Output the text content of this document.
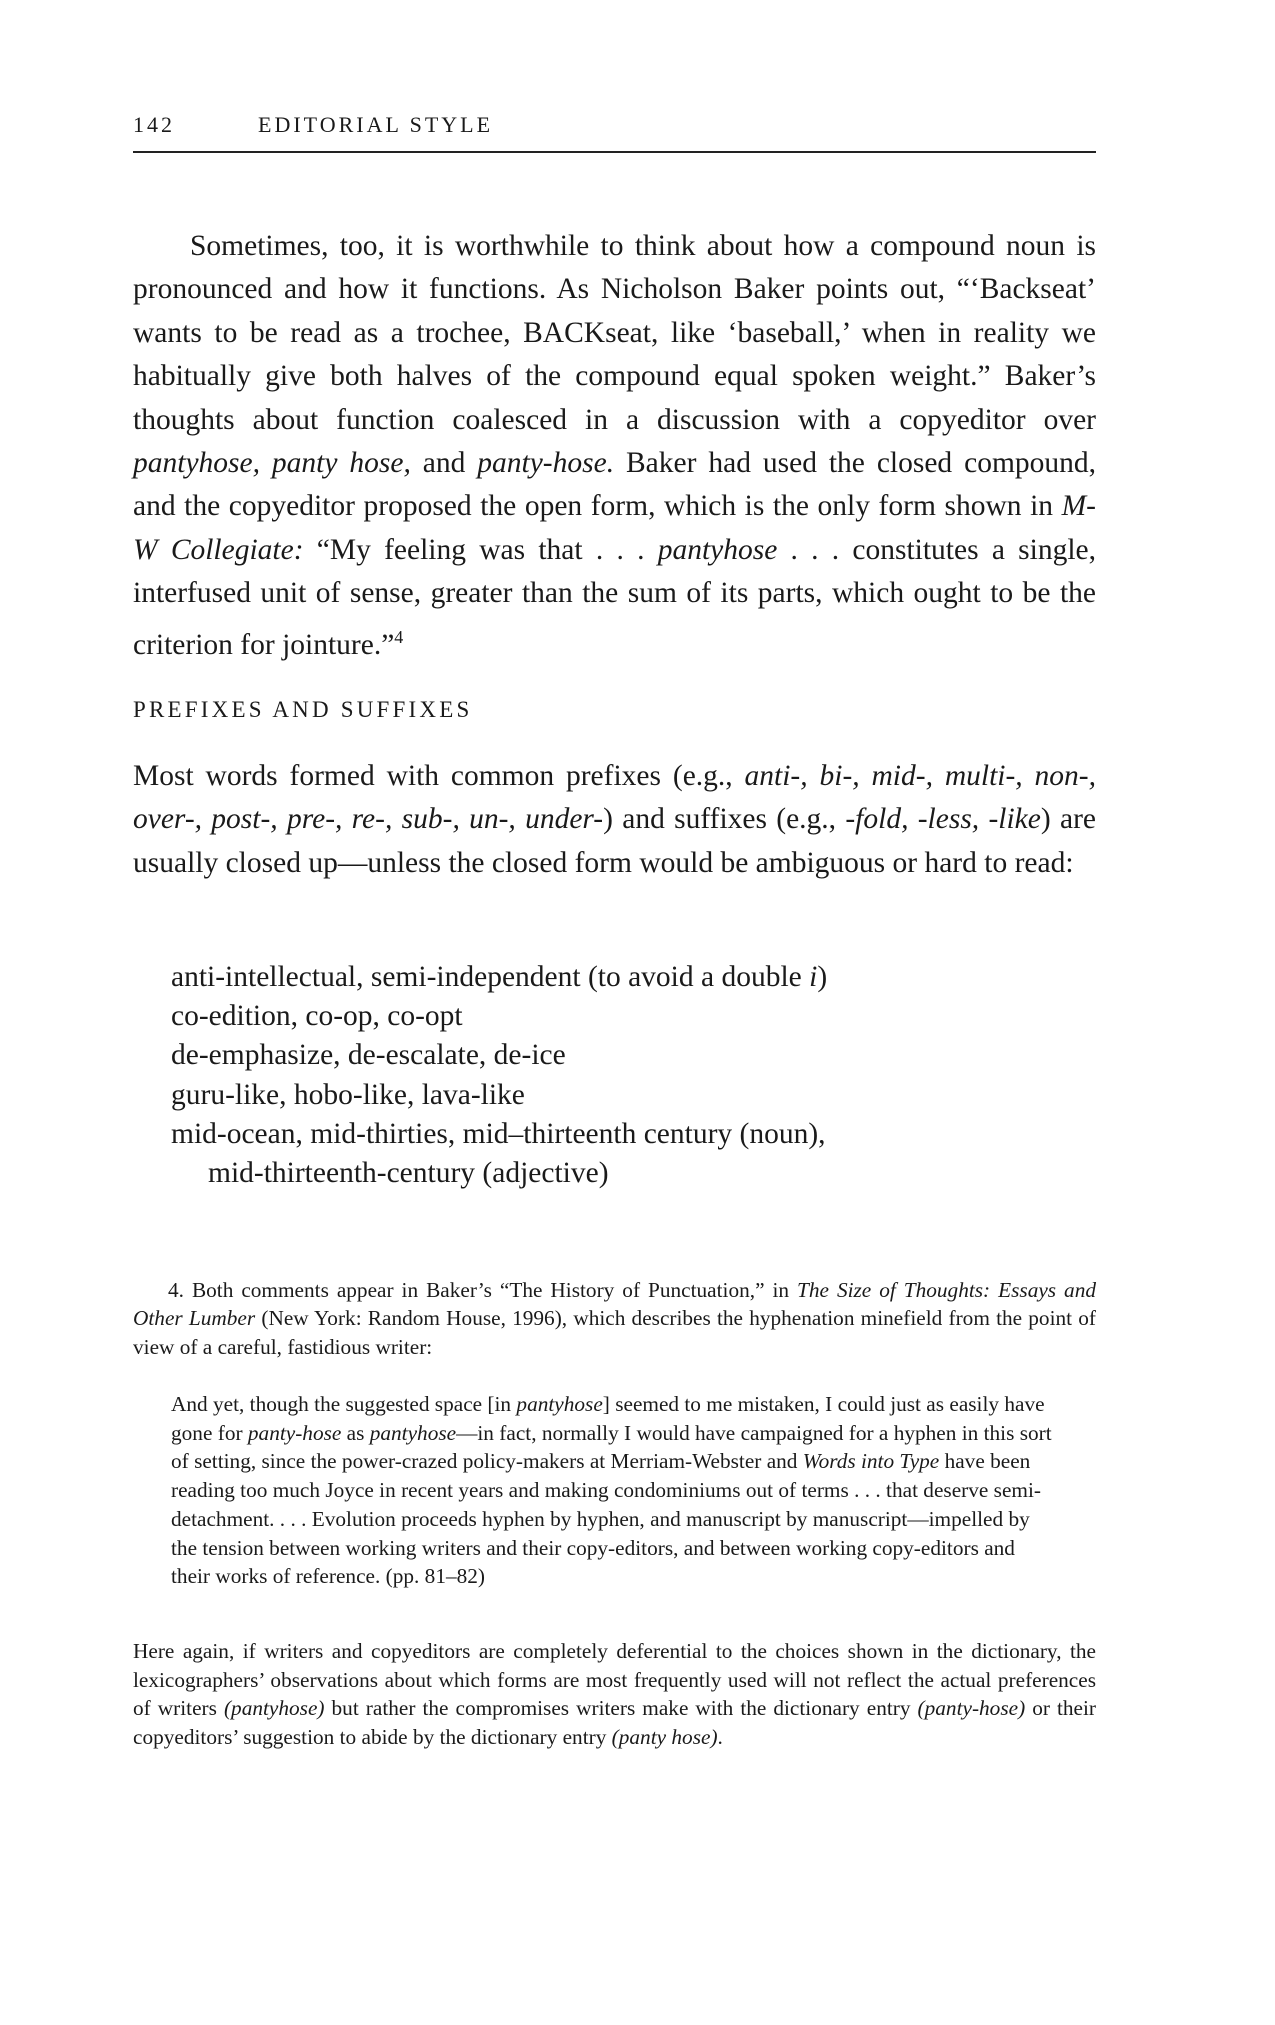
142	EDITORIAL STYLE

Sometimes, too, it is worthwhile to think about how a compound noun is pronounced and how it functions. As Nicholson Baker points out, “‘Backseat’ wants to be read as a trochee, BACKseat, like ‘baseball,’ when in reality we habitually give both halves of the compound equal spoken weight.” Baker’s thoughts about function coalesced in a discussion with a copyeditor over pantyhose, panty hose, and panty-hose. Baker had used the closed compound, and the copyeditor proposed the open form, which is the only form shown in M-W Collegiate: “My feeling was that . . . pantyhose . . . constitutes a single, interfused unit of sense, greater than the sum of its parts, which ought to be the criterion for jointure.”$^4$

PREFIXES AND SUFFIXES

Most words formed with common prefixes (e.g., anti-, bi-, mid-, multi-, non-, over-, post-, pre-, re-, sub-, un-, under-) and suffixes (e.g., -fold, -less, -like) are usually closed up—unless the closed form would be ambiguous or hard to read:

anti-intellectual, semi-independent (to avoid a double i)
co-edition, co-op, co-opt
de-emphasize, de-escalate, de-ice
guru-like, hobo-like, lava-like
mid-ocean, mid-thirties, mid–thirteenth century (noun),
mid-thirteenth-century (adjective)

4. Both comments appear in Baker’s “The History of Punctuation,” in The Size of Thoughts: Essays and Other Lumber (New York: Random House, 1996), which describes the hyphenation minefield from the point of view of a careful, fastidious writer:

And yet, though the suggested space [in pantyhose] seemed to me mistaken, I could just as easily have gone for panty-hose as pantyhose—in fact, normally I would have campaigned for a hyphen in this sort of setting, since the power-crazed policy-makers at Merriam-Webster and Words into Type have been reading too much Joyce in recent years and making condominiums out of terms . . . that deserve semi-detachment. . . . Evolution proceeds hyphen by hyphen, and manuscript by manuscript—impelled by the tension between working writers and their copy-editors, and between working copy-editors and their works of reference. (pp. 81–82)

Here again, if writers and copyeditors are completely deferential to the choices shown in the dictionary, the lexicographers’ observations about which forms are most frequently used will not reflect the actual preferences of writers (pantyhose) but rather the compromises writers make with the dictionary entry (panty-hose) or their copyeditors’ suggestion to abide by the dictionary entry (panty hose).
